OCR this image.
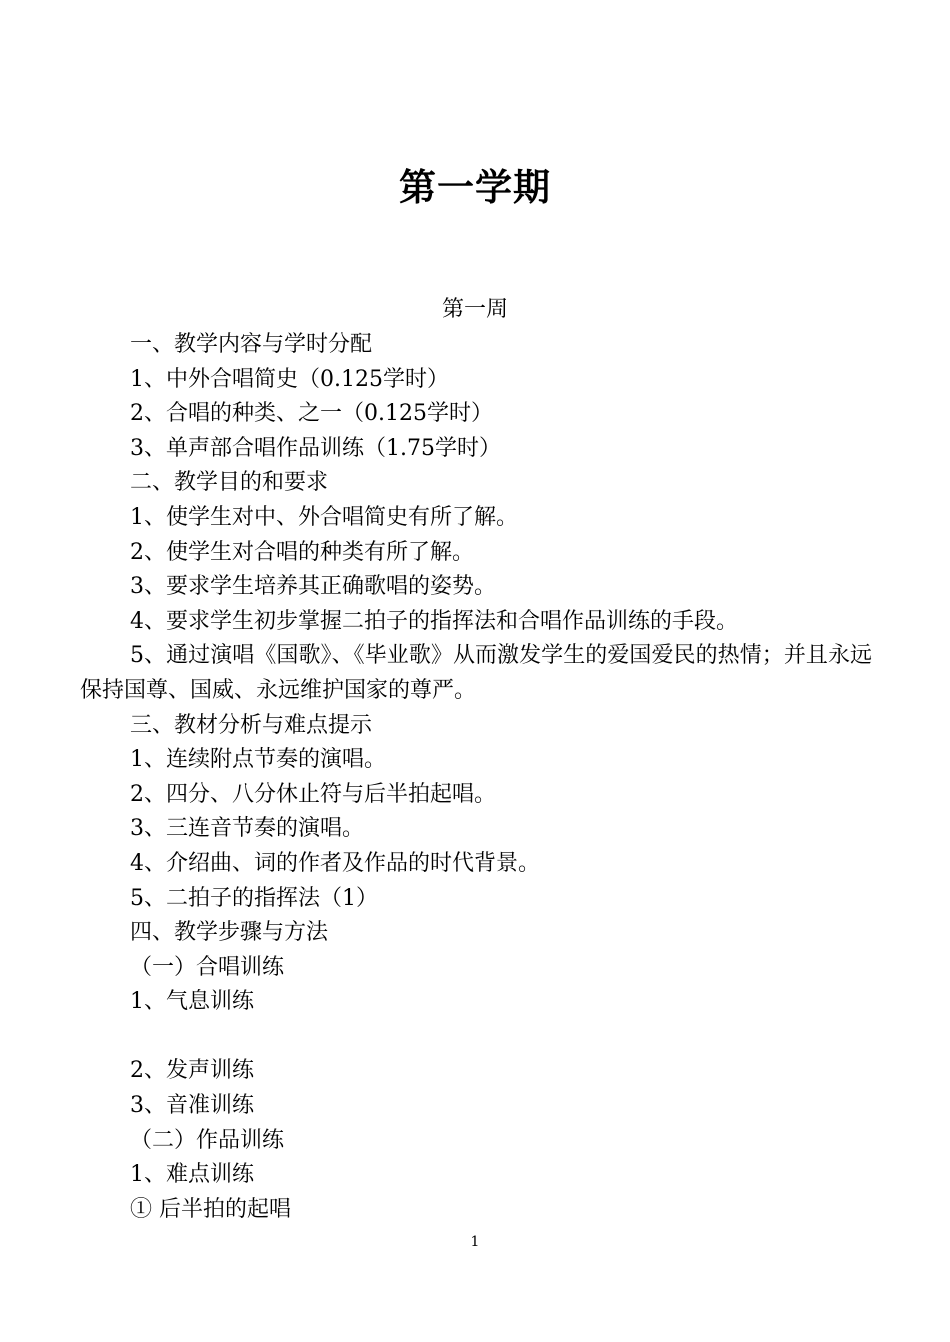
第一学期
第一周
一、教学内容与学时分配
1、中外合唱简史（0.125学时）
2、合唱的种类、之一（0.125学时）
3、单声部合唱作品训练（1.75学时）
二、教学目的和要求
1、使学生对中、外合唱简史有所了解。
2、使学生对合唱的种类有所了解。
3、要求学生培养其正确歌唱的姿势。
4、要求学生初步掌握二拍子的指挥法和合唱作品训练的手段。
5、通过演唱《国歌》、《毕业歌》从而激发学生的爱国爱民的热情；并且永远保持国尊、国威、永远维护国家的尊严。
三、教材分析与难点提示
1、连续附点节奏的演唱。
2、四分、八分休止符与后半拍起唱。
3、三连音节奏的演唱。
4、介绍曲、词的作者及作品的时代背景。
5、二拍子的指挥法（1）
四、教学步骤与方法
（一）合唱训练
1、气息训练
2、发声训练
3、音准训练
（二）作品训练
1、难点训练
① 后半拍的起唱
1
